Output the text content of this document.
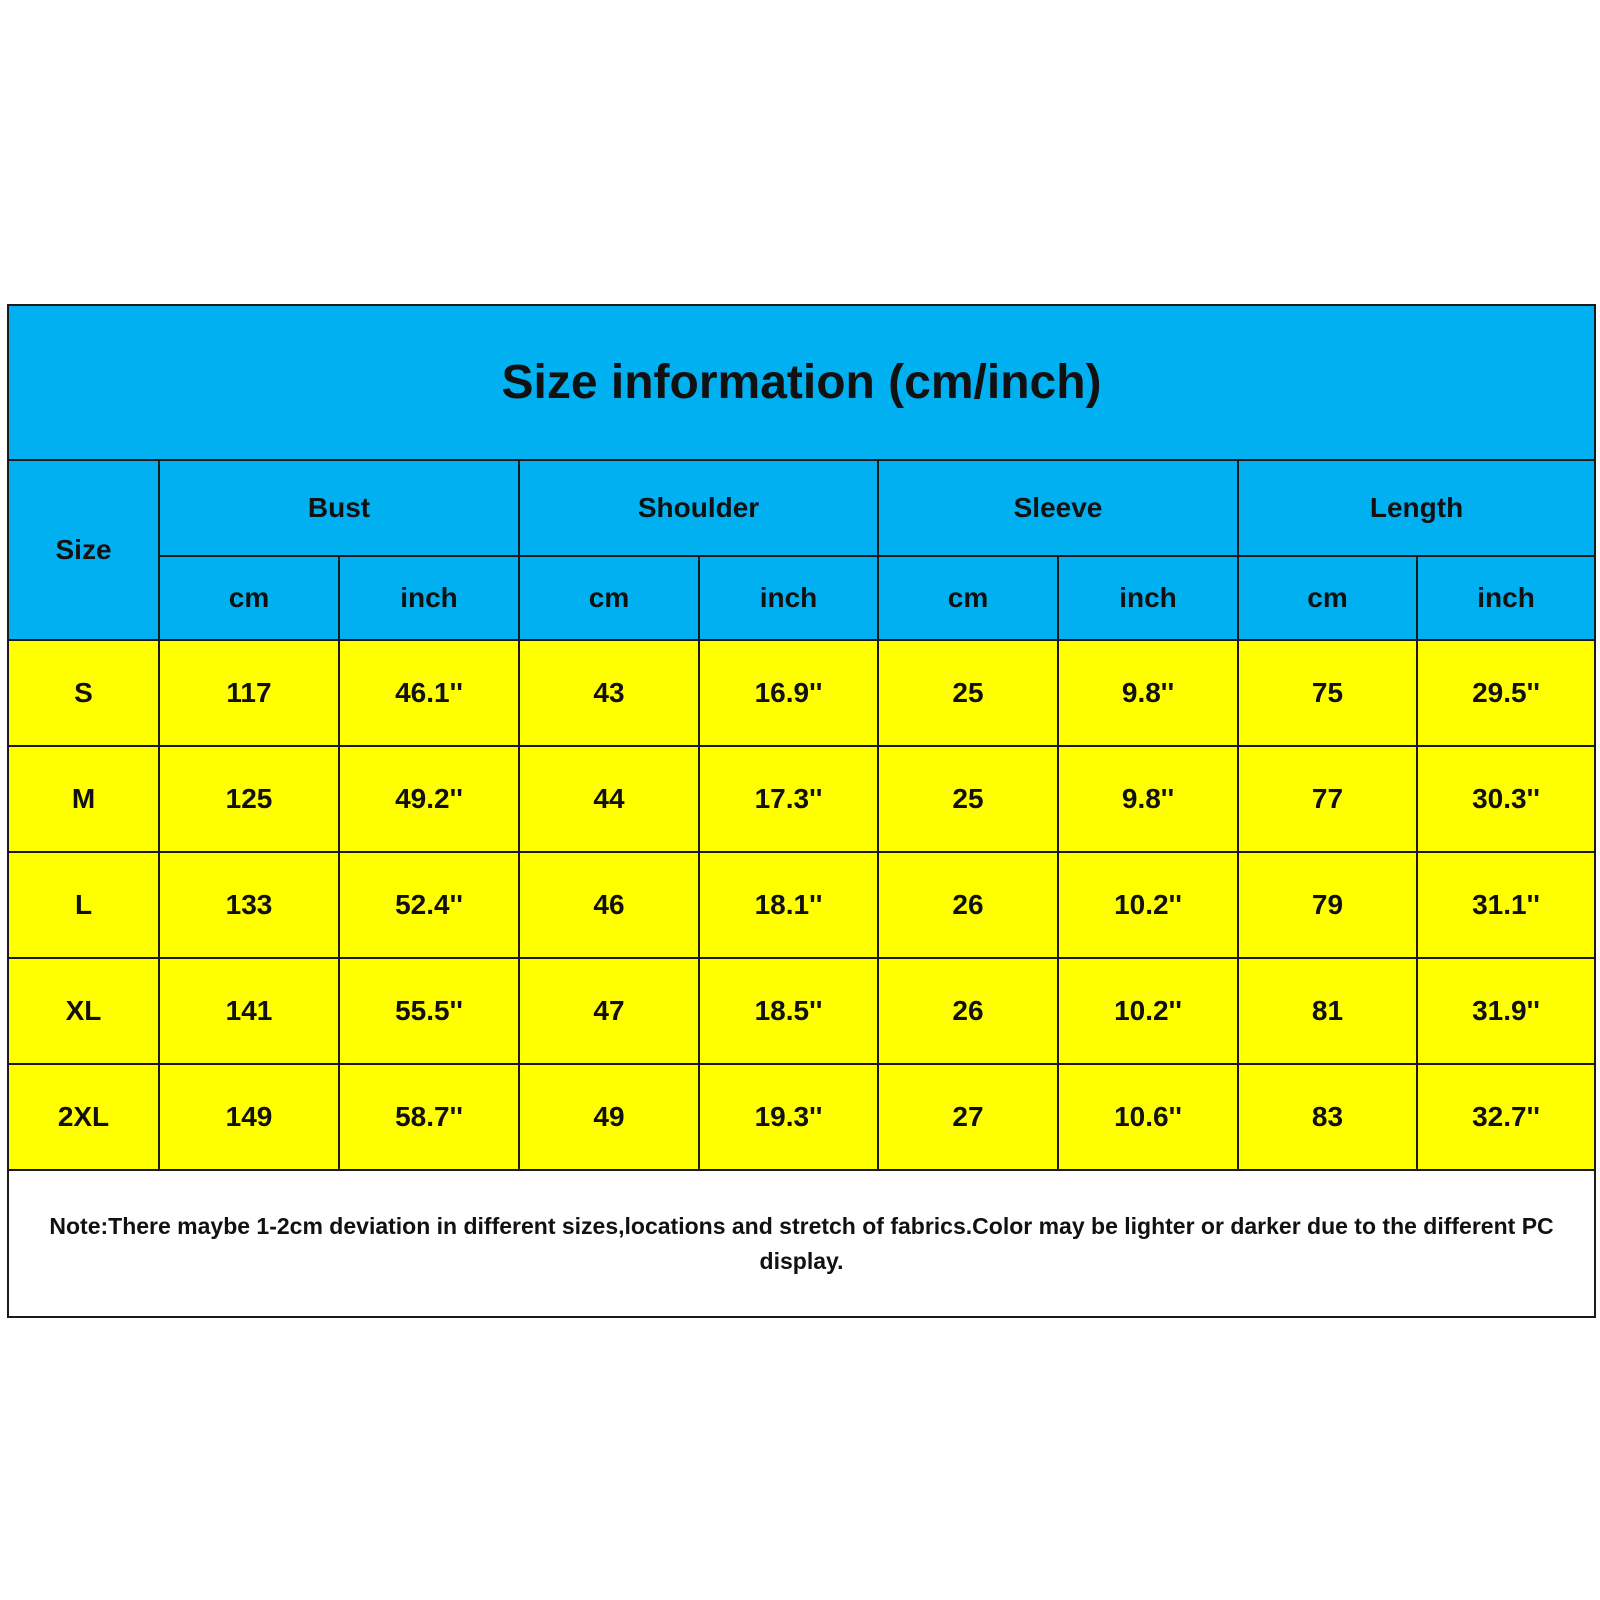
Size information (cm/inch)								
Size	Bust		Shoulder		Sleeve		Length	
	cm	inch	cm	inch	cm	inch	cm	inch
S	117	46.1''	43	16.9''	25	9.8''	75	29.5''
M	125	49.2''	44	17.3''	25	9.8''	77	30.3''
L	133	52.4''	46	18.1''	26	10.2''	79	31.1''
XL	141	55.5''	47	18.5''	26	10.2''	81	31.9''
2XL	149	58.7''	49	19.3''	27	10.6''	83	32.7''
Note:There maybe 1-2cm deviation in different sizes,locations and stretch of fabrics.Color may be lighter or darker due to the different PC display.								
